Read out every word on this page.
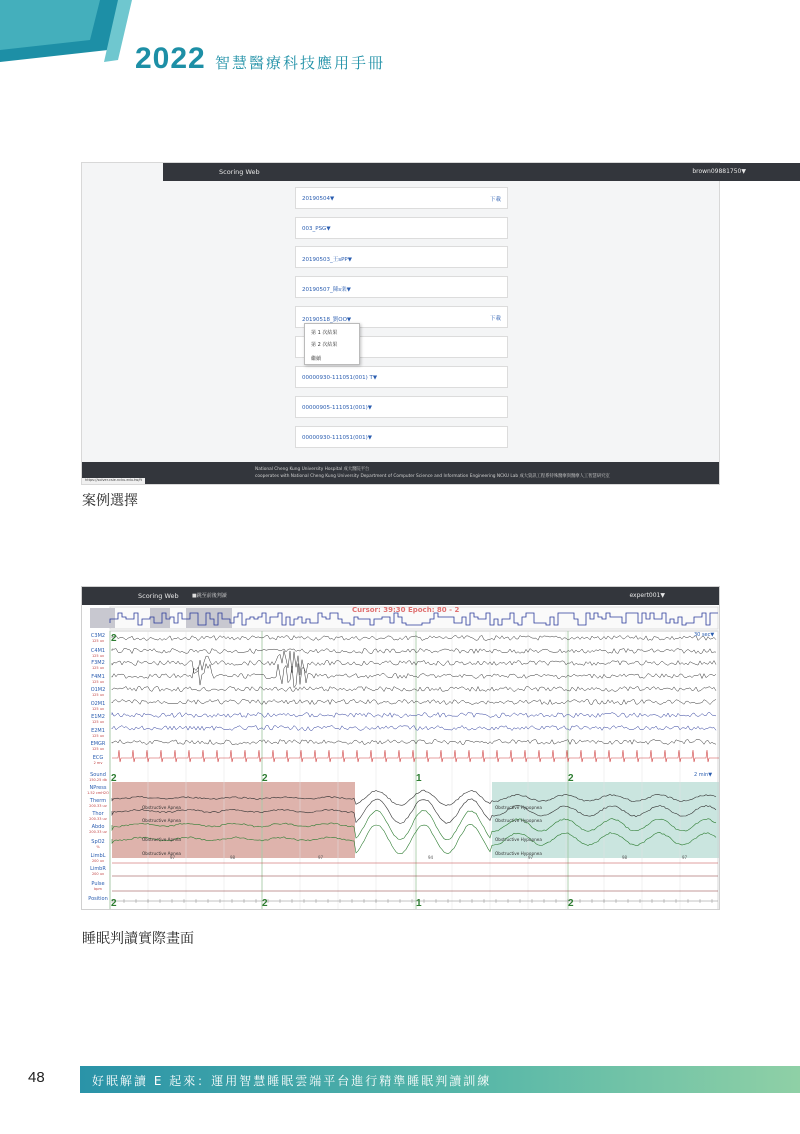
2022 智慧醫療科技應用手冊
Scoring Web	brown09881750▼
20190504▼	下載
003_PSG▼
20190503_王sPP▼
20190507_陳s楽▼
20190518_劉OO▼	下載
00000930-111051(001) T▼
00000905-111051(001)▼
00000930-111051(001)▼
第 1 次結果
第 2 次結果
繼續
National Cheng Kung University Hospital 成大醫院平台
cooperates with National Cheng Kung University Department of Computer Science and Information Engineering NCKU Lab 成大資訊工程系特殊醫療與醫療人工智慧研究室
https://solver.csie.ncku.edu.tw/ft
案例選擇
Scoring Web	■跳至前後判讀	expert001▼
97	98	97	94	97	98	97
Cursor: 39:30 Epoch: 80 - 2
30 sec▼
2 min▼
C3M2
125 uv
C4M1
125 uv
F3M2
125 uv
F4M1
125 uv
O1M2
125 uv
O2M1
125 uv
E1M2
125 uv
E2M1
125 uv
EMGR
125 uv
ECG
2 mv
Sound
150.25 db
NPress
1.52 cmH2O
Therm
200.33 uv
Thor
200.33 uv
Abdo
200.33 uv
SpO2
%
LimbL
200 uv
LimbR
200 uv
Pulse
bpm
Position
Obstructive Apnea
Obstructive Apnea
Obstructive Apnea
Obstructive Apnea
Obstructive Hypopnea
Obstructive Hypopnea
Obstructive Hypopnea
Obstructive Hypopnea
2
2	2	1	2
2	2	1	2
睡眠判讀實際畫面
48	好眠解讀 E 起來：運用智慧睡眠雲端平台進行精準睡眠判讀訓練
